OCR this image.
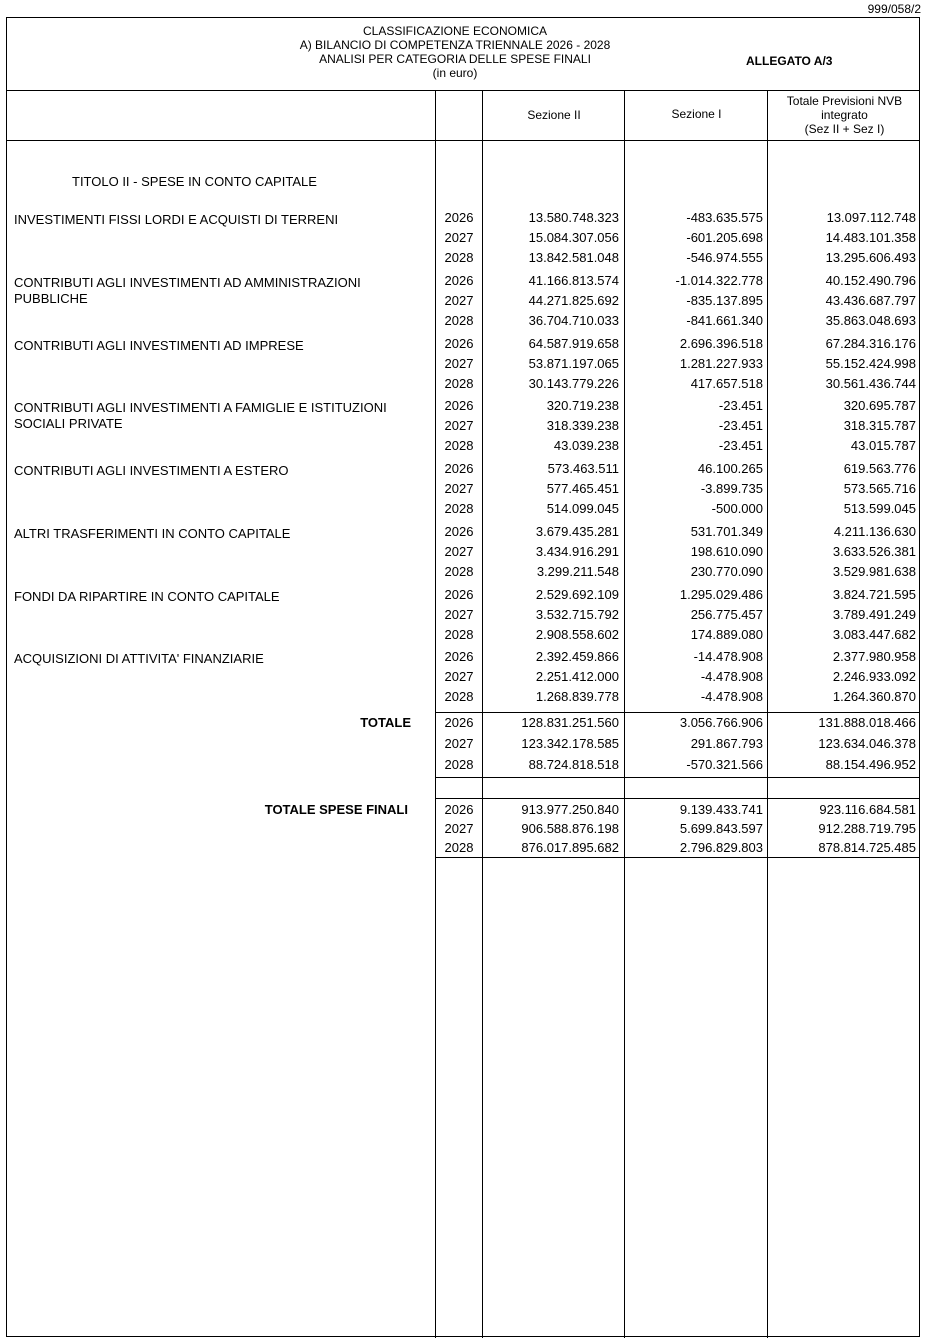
999/058/2
CLASSIFICAZIONE ECONOMICA
A) BILANCIO DI COMPETENZA TRIENNALE 2026 - 2028
ANALISI PER CATEGORIA DELLE SPESE FINALI
(in euro)
ALLEGATO A/3
Sezione II	Sezione I
Totale Previsioni NVB
integrato
(Sez II + Sez I)
TITOLO II - SPESE IN CONTO CAPITALE
INVESTIMENTI FISSI LORDI E ACQUISTI DI TERRENI	2026	13.580.748.323	-483.635.575	13.097.112.748
2027	15.084.307.056	-601.205.698	14.483.101.358
2028	13.842.581.048	-546.974.555	13.295.606.493
CONTRIBUTI AGLI INVESTIMENTI AD AMMINISTRAZIONI
PUBBLICHE
2026	41.166.813.574	-1.014.322.778	40.152.490.796
2027	44.271.825.692	-835.137.895	43.436.687.797
2028	36.704.710.033	-841.661.340	35.863.048.693
CONTRIBUTI AGLI INVESTIMENTI AD IMPRESE	2026	64.587.919.658	2.696.396.518	67.284.316.176
2027	53.871.197.065	1.281.227.933	55.152.424.998
2028	30.143.779.226	417.657.518	30.561.436.744
CONTRIBUTI AGLI INVESTIMENTI A FAMIGLIE E ISTITUZIONI
SOCIALI PRIVATE
2026	320.719.238	-23.451	320.695.787
2027	318.339.238	-23.451	318.315.787
2028	43.039.238	-23.451	43.015.787
CONTRIBUTI AGLI INVESTIMENTI A ESTERO	2026	573.463.511	46.100.265	619.563.776
2027	577.465.451	-3.899.735	573.565.716
2028	514.099.045	-500.000	513.599.045
ALTRI TRASFERIMENTI IN CONTO CAPITALE	2026	3.679.435.281	531.701.349	4.211.136.630
2027	3.434.916.291	198.610.090	3.633.526.381
2028	3.299.211.548	230.770.090	3.529.981.638
FONDI DA RIPARTIRE IN CONTO CAPITALE	2026	2.529.692.109	1.295.029.486	3.824.721.595
2027	3.532.715.792	256.775.457	3.789.491.249
2028	2.908.558.602	174.889.080	3.083.447.682
ACQUISIZIONI DI ATTIVITA' FINANZIARIE	2026	2.392.459.866	-14.478.908	2.377.980.958
2027	2.251.412.000	-4.478.908	2.246.933.092
2028	1.268.839.778	-4.478.908	1.264.360.870
TOTALE	2026	128.831.251.560	3.056.766.906	131.888.018.466
2027	123.342.178.585	291.867.793	123.634.046.378
2028	88.724.818.518	-570.321.566	88.154.496.952
TOTALE SPESE FINALI	2026	913.977.250.840	9.139.433.741	923.116.684.581
2027	906.588.876.198	5.699.843.597	912.288.719.795
2028	876.017.895.682	2.796.829.803	878.814.725.485
